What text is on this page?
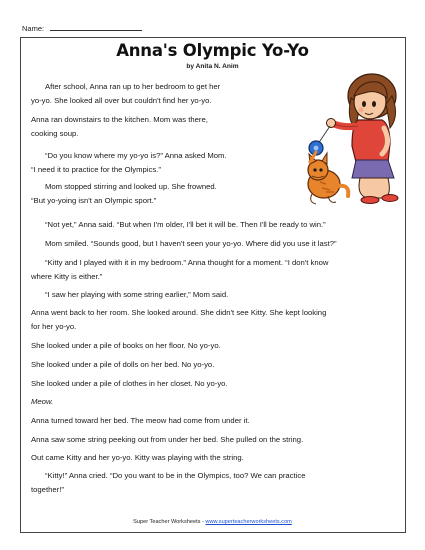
Name:
Anna's Olympic Yo-Yo
by Anita N. Anim
After school, Anna ran up to her bedroom to get her
yo-yo. She looked all over but couldn't find her yo-yo.
Anna ran downstairs to the kitchen. Mom was there,
cooking soup.
“Do you know where my yo-yo is?” Anna asked Mom.
“I need it to practice for the Olympics.”
Mom stopped stirring and looked up. She frowned.
“But yo-yoing isn't an Olympic sport.”
“Not yet,” Anna said. “But when I'm older, I'll bet it will be. Then I'll be ready to win.”
Mom smiled. “Sounds good, but I haven't seen your yo-yo. Where did you use it last?”
“Kitty and I played with it in my bedroom.” Anna thought for a moment. “I don't know
where Kitty is either.”
“I saw her playing with some string earlier,” Mom said.
Anna went back to her room. She looked around. She didn't see Kitty. She kept looking
for her yo-yo.
She looked under a pile of books on her floor. No yo-yo.
She looked under a pile of dolls on her bed. No yo-yo.
She looked under a pile of clothes in her closet. No yo-yo.
Meow.
Anna turned toward her bed. The meow had come from under it.
Anna saw some string peeking out from under her bed. She pulled on the string.
Out came Kitty and her yo-yo. Kitty was playing with the string.
“Kitty!” Anna cried. “Do you want to be in the Olympics, too? We can practice
together!”
Super Teacher Worksheets - www.superteacherworksheets.com
